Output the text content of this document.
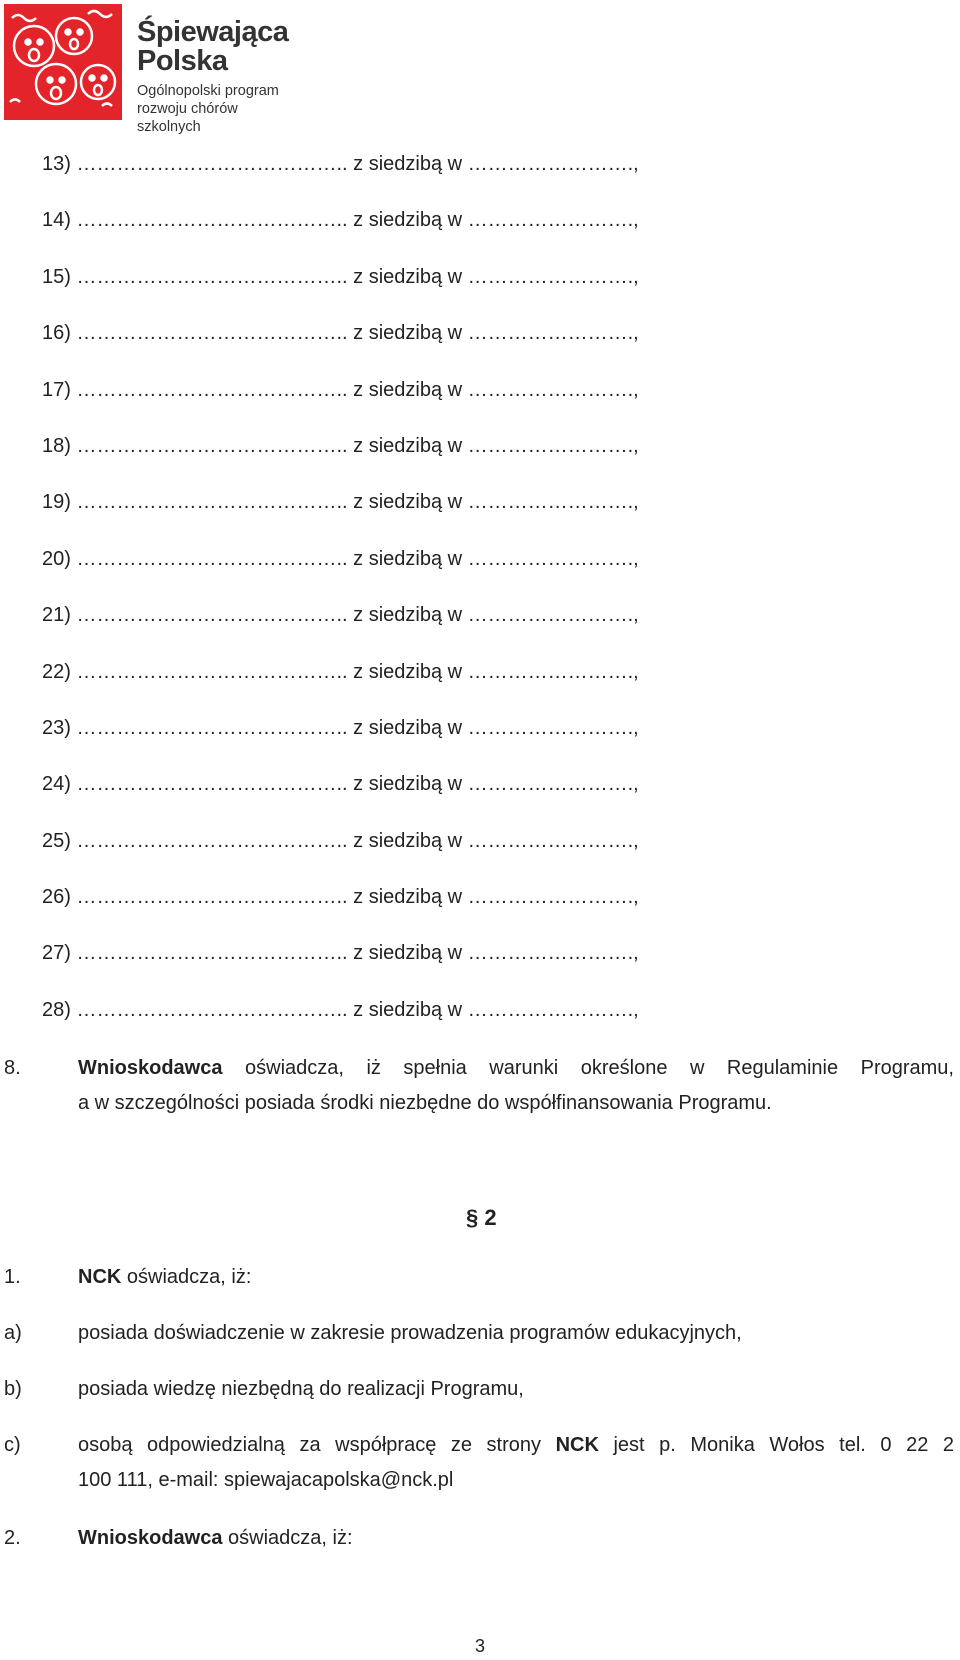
Śpiewająca
Polska
Ogólnopolski program
rozwoju chórów szkolnych
13) ………………………………….. z siedzibą w …………………….,
14) ………………………………….. z siedzibą w …………………….,
15) ………………………………….. z siedzibą w …………………….,
16) ………………………………….. z siedzibą w …………………….,
17) ………………………………….. z siedzibą w …………………….,
18) ………………………………….. z siedzibą w …………………….,
19) ………………………………….. z siedzibą w …………………….,
20) ………………………………….. z siedzibą w …………………….,
21) ………………………………….. z siedzibą w …………………….,
22) ………………………………….. z siedzibą w …………………….,
23) ………………………………….. z siedzibą w …………………….,
24) ………………………………….. z siedzibą w …………………….,
25) ………………………………….. z siedzibą w …………………….,
26) ………………………………….. z siedzibą w …………………….,
27) ………………………………….. z siedzibą w …………………….,
28) ………………………………….. z siedzibą w …………………….,
8.	Wnioskodawca oświadcza, iż spełnia warunki określone w Regulaminie Programu,
a w szczególności posiada środki niezbędne do współfinansowania Programu.
§ 2
1.	NCK oświadcza, iż:
a)	posiada doświadczenie w zakresie prowadzenia programów edukacyjnych,
b)	posiada wiedzę niezbędną do realizacji Programu,
c)	osobą odpowiedzialną za współpracę ze strony NCK jest p. Monika Wołos tel. 0 22 2
100 111, e-mail: spiewajacapolska@nck.pl
2.	Wnioskodawca oświadcza, iż:
3
